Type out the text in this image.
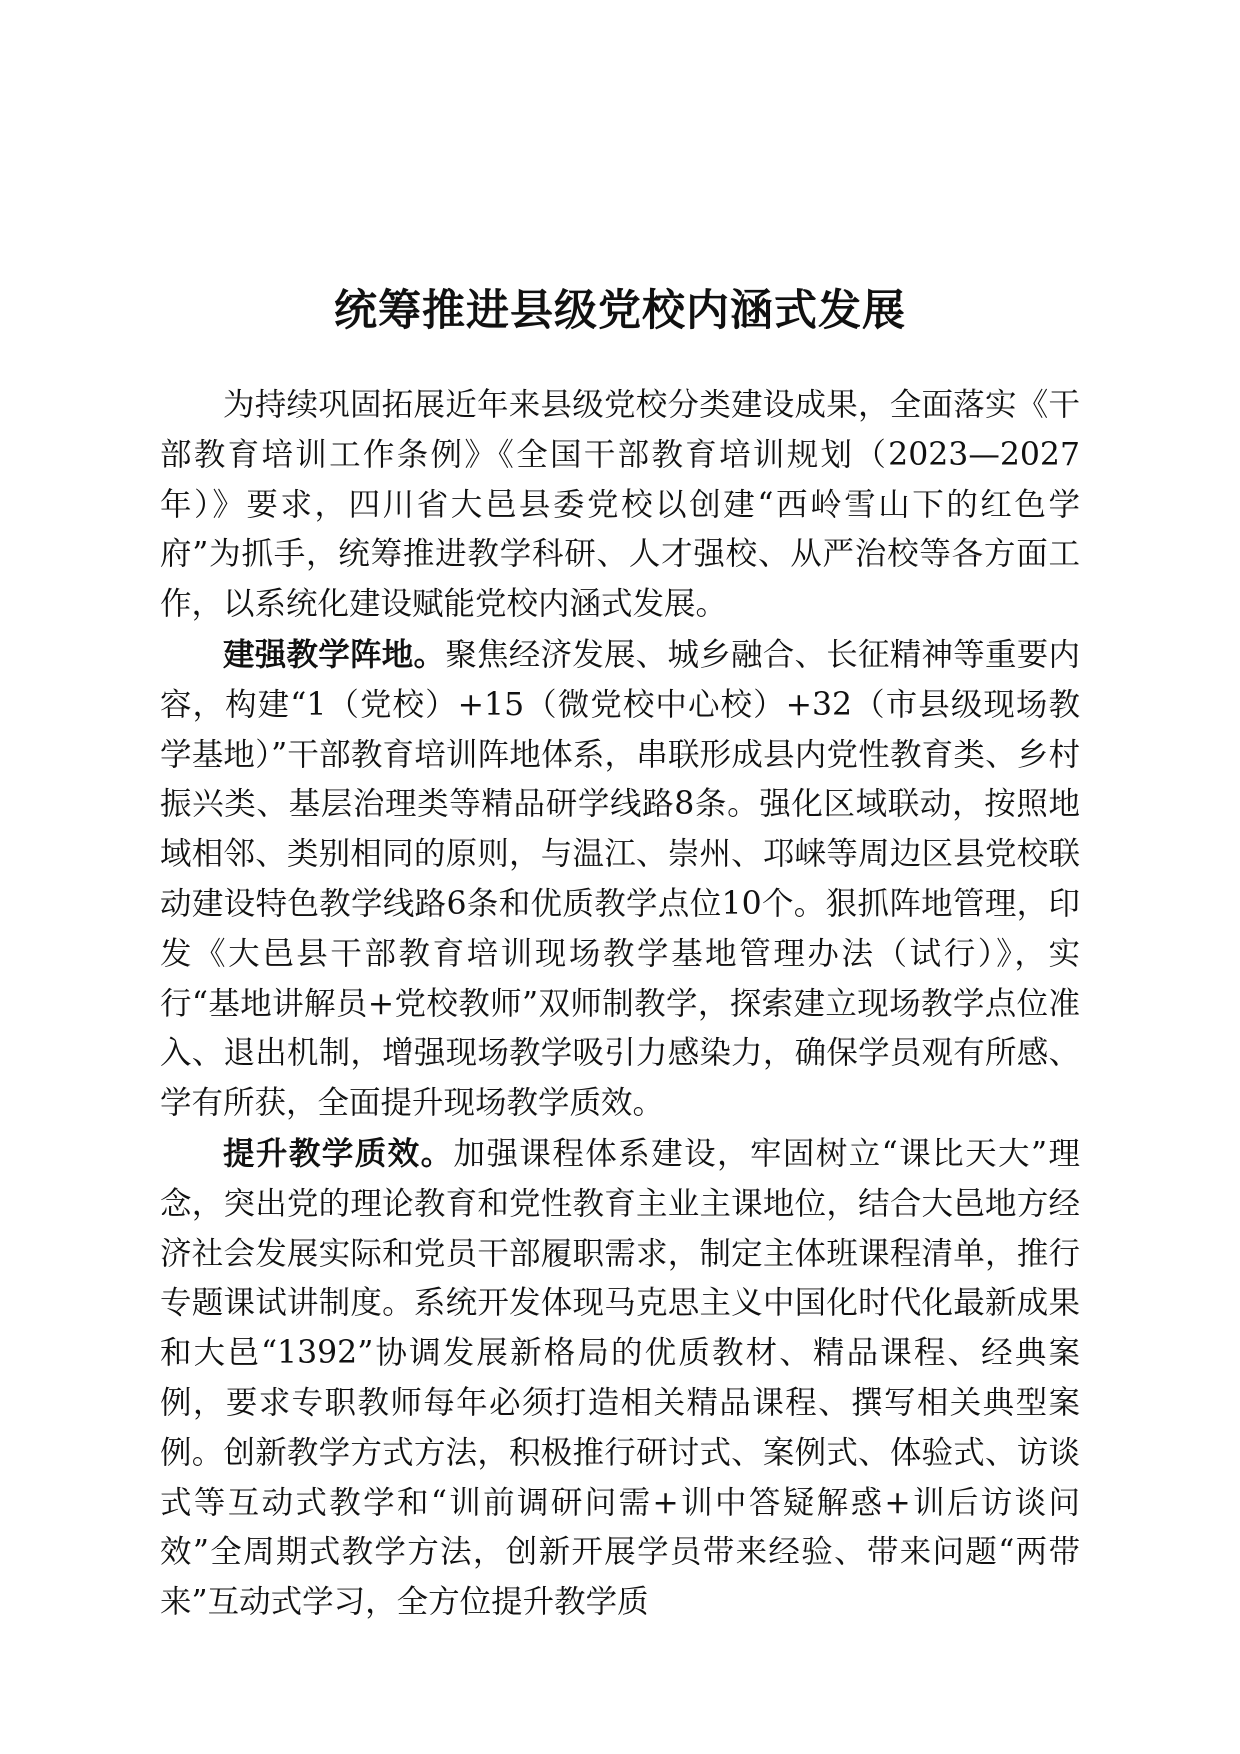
统筹推进县级党校内涵式发展

为持续巩固拓展近年来县级党校分类建设成果，全面落实《干部教育培训工作条例》《全国干部教育培训规划（2023—2027年）》要求，四川省大邑县委党校以创建“西岭雪山下的红色学府”为抓手，统筹推进教学科研、人才强校、从严治校等各方面工作，以系统化建设赋能党校内涵式发展。

建强教学阵地。聚焦经济发展、城乡融合、长征精神等重要内容，构建“1（党校）+15（微党校中心校）+32（市县级现场教学基地）”干部教育培训阵地体系，串联形成县内党性教育类、乡村振兴类、基层治理类等精品研学线路8条。强化区域联动，按照地域相邻、类别相同的原则，与温江、崇州、邛崃等周边区县党校联动建设特色教学线路6条和优质教学点位10个。狠抓阵地管理，印发《大邑县干部教育培训现场教学基地管理办法（试行）》，实行“基地讲解员+党校教师”双师制教学，探索建立现场教学点位准入、退出机制，增强现场教学吸引力感染力，确保学员观有所感、学有所获，全面提升现场教学质效。

提升教学质效。加强课程体系建设，牢固树立“课比天大”理念，突出党的理论教育和党性教育主业主课地位，结合大邑地方经济社会发展实际和党员干部履职需求，制定主体班课程清单，推行专题课试讲制度。系统开发体现马克思主义中国化时代化最新成果和大邑“1392”协调发展新格局的优质教材、精品课程、经典案例，要求专职教师每年必须打造相关精品课程、撰写相关典型案例。创新教学方式方法，积极推行研讨式、案例式、体验式、访谈式等互动式教学和“训前调研问需+训中答疑解惑+训后访谈问效”全周期式教学方法，创新开展学员带来经验、带来问题“两带来”互动式学习，全方位提升教学质
